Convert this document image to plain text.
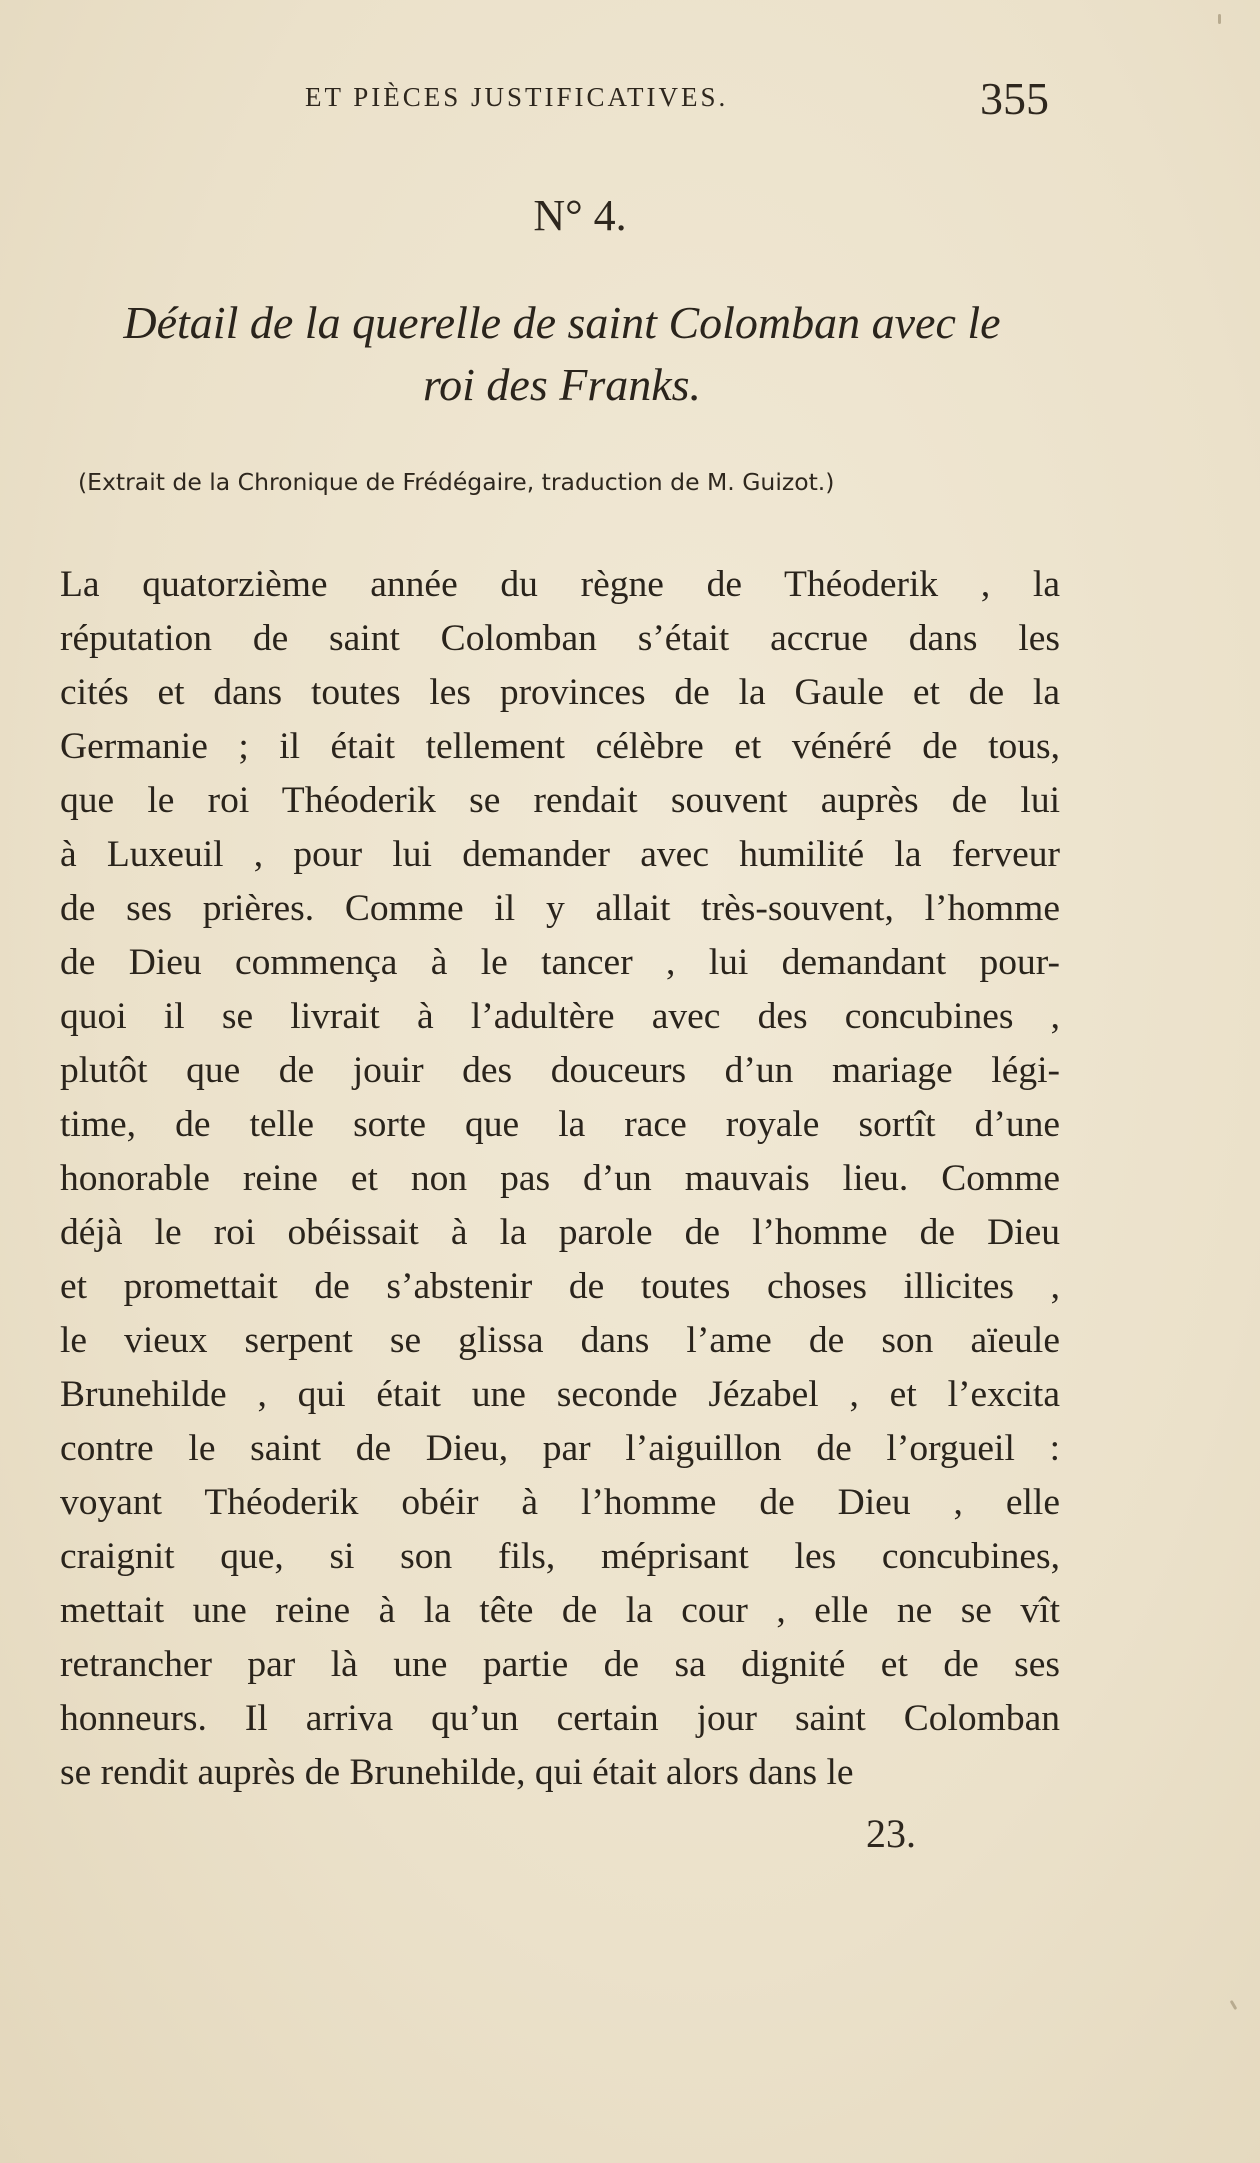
ET PIÈCES JUSTIFICATIVES.	355
N° 4.
Détail de la querelle de saint Colomban avec le
roi des Franks.
(Extrait de la Chronique de Frédégaire, traduction de M. Guizot.)
La quatorzième année du règne de Théoderik , la
réputation de saint Colomban s’était accrue dans les
cités et dans toutes les provinces de la Gaule et de la
Germanie ; il était tellement célèbre et vénéré de tous,
que le roi Théoderik se rendait souvent auprès de lui
à Luxeuil , pour lui demander avec humilité la ferveur
de ses prières. Comme il y allait très-souvent, l’homme
de Dieu commença à le tancer , lui demandant pour-
quoi il se livrait à l’adultère avec des concubines ,
plutôt que de jouir des douceurs d’un mariage légi-
time, de telle sorte que la race royale sortît d’une
honorable reine et non pas d’un mauvais lieu. Comme
déjà le roi obéissait à la parole de l’homme de Dieu
et promettait de s’abstenir de toutes choses illicites ,
le vieux serpent se glissa dans l’ame de son aïeule
Brunehilde , qui était une seconde Jézabel , et l’excita
contre le saint de Dieu, par l’aiguillon de l’orgueil :
voyant Théoderik obéir à l’homme de Dieu , elle
craignit que, si son fils, méprisant les concubines,
mettait une reine à la tête de la cour , elle ne se vît
retrancher par là une partie de sa dignité et de ses
honneurs. Il arriva qu’un certain jour saint Colomban
se rendit auprès de Brunehilde, qui était alors dans le
23.
